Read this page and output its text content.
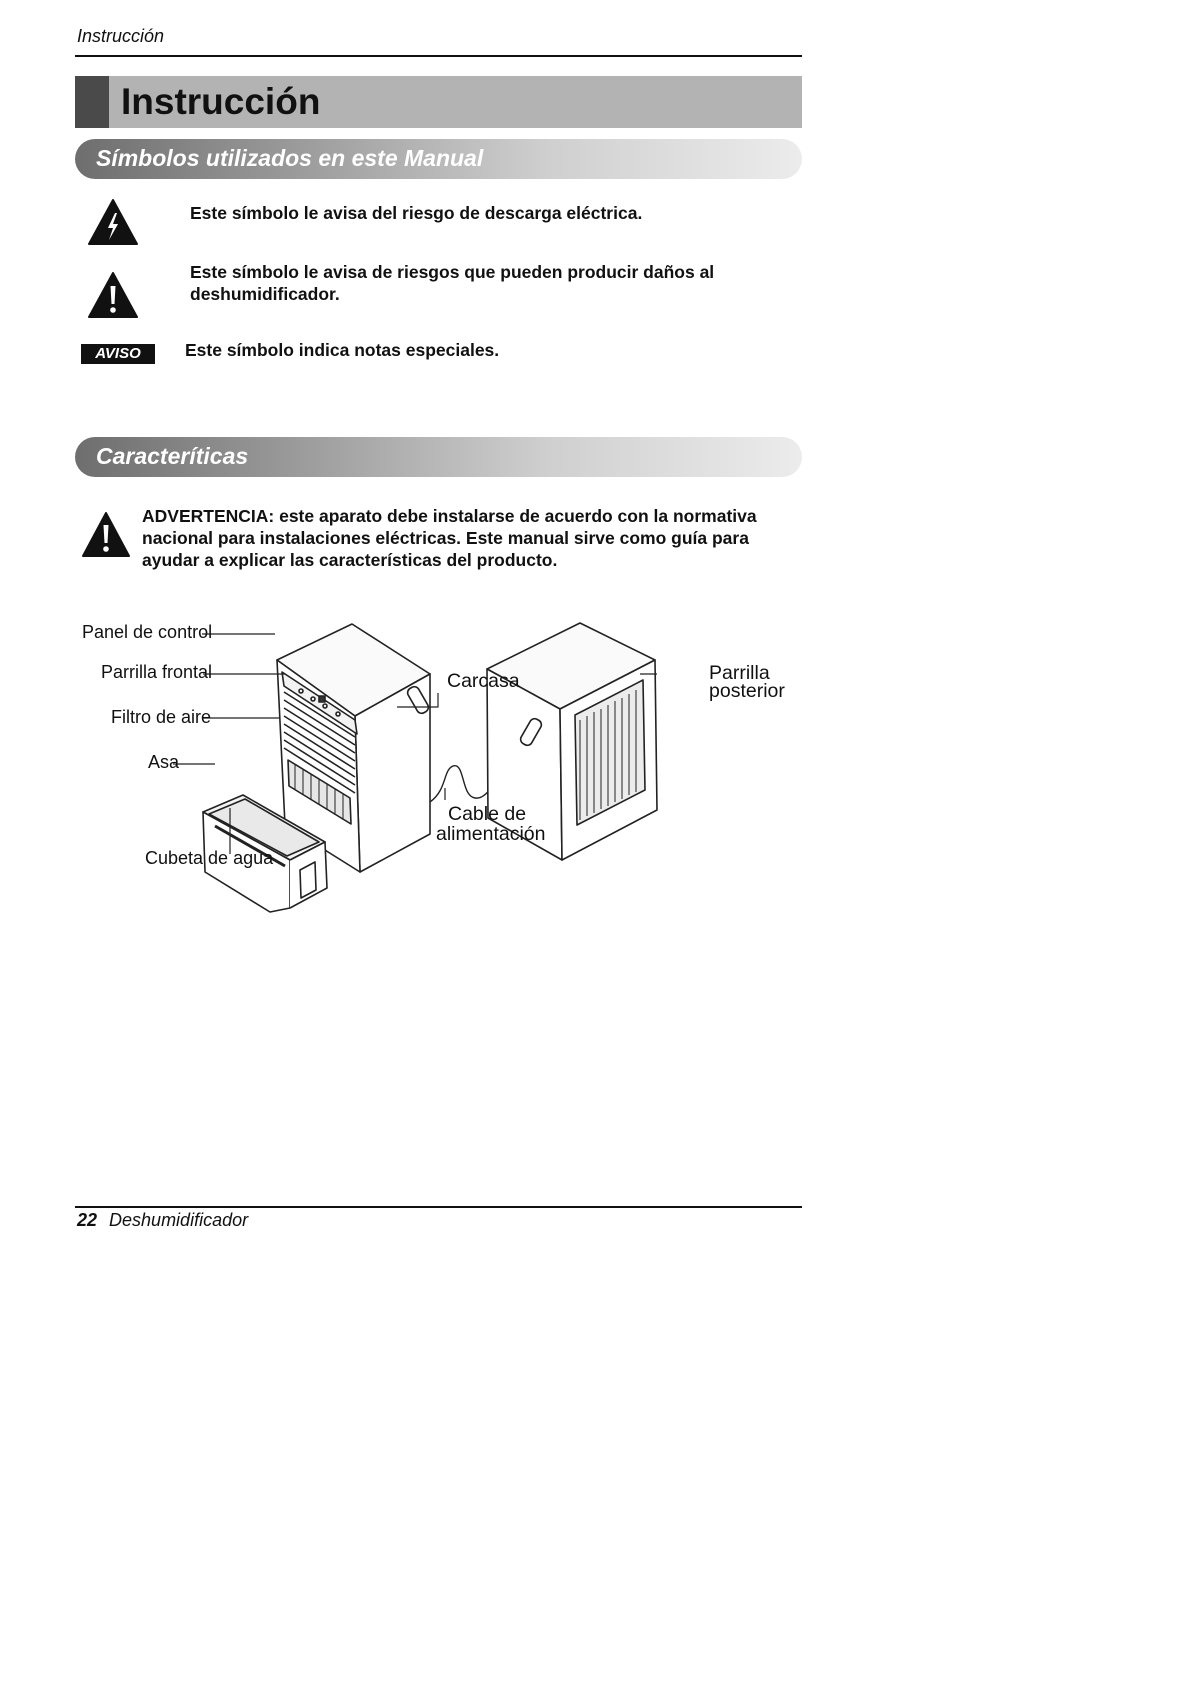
Instrucción
Instrucción
Símbolos utilizados en este Manual
Este símbolo le avisa del riesgo de descarga eléctrica.
Este símbolo le avisa de riesgos que pueden producir daños al deshumidificador.
AVISO	Este símbolo indica notas especiales.
Caracteríticas
ADVERTENCIA: este aparato debe instalarse de acuerdo con la normativa nacional para instalaciones eléctricas. Este manual sirve como guía para ayudar a explicar las características del producto.
Panel de control
Parrilla frontal
Filtro de aire
Asa
Cubeta de agua
Carcasa
Cable de
alimentación
Parrilla
posterior
22 Deshumidificador
